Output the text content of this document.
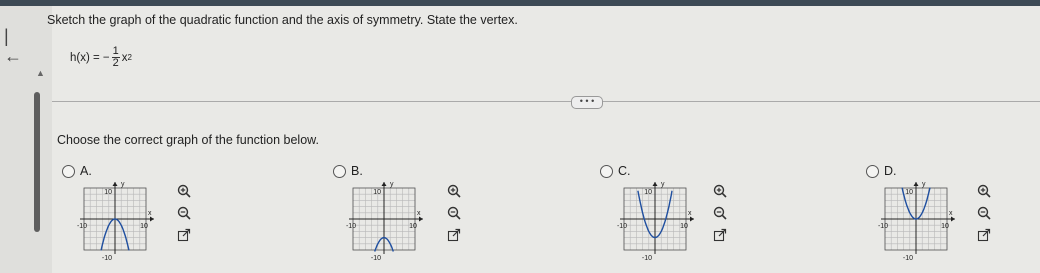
|←
▲
Sketch the graph of the quadratic function and the axis of symmetry. State the vertex.
h(x) = − $\frac{1}{2}$ x 2
• • •
Choose the correct graph of the function below.
A.	B.	C.	D.
y
x
10
-10	10
-10
y
x
10
-10	10
-10
y
x
10
-10	10
-10
y
x
10
-10	10
-10
